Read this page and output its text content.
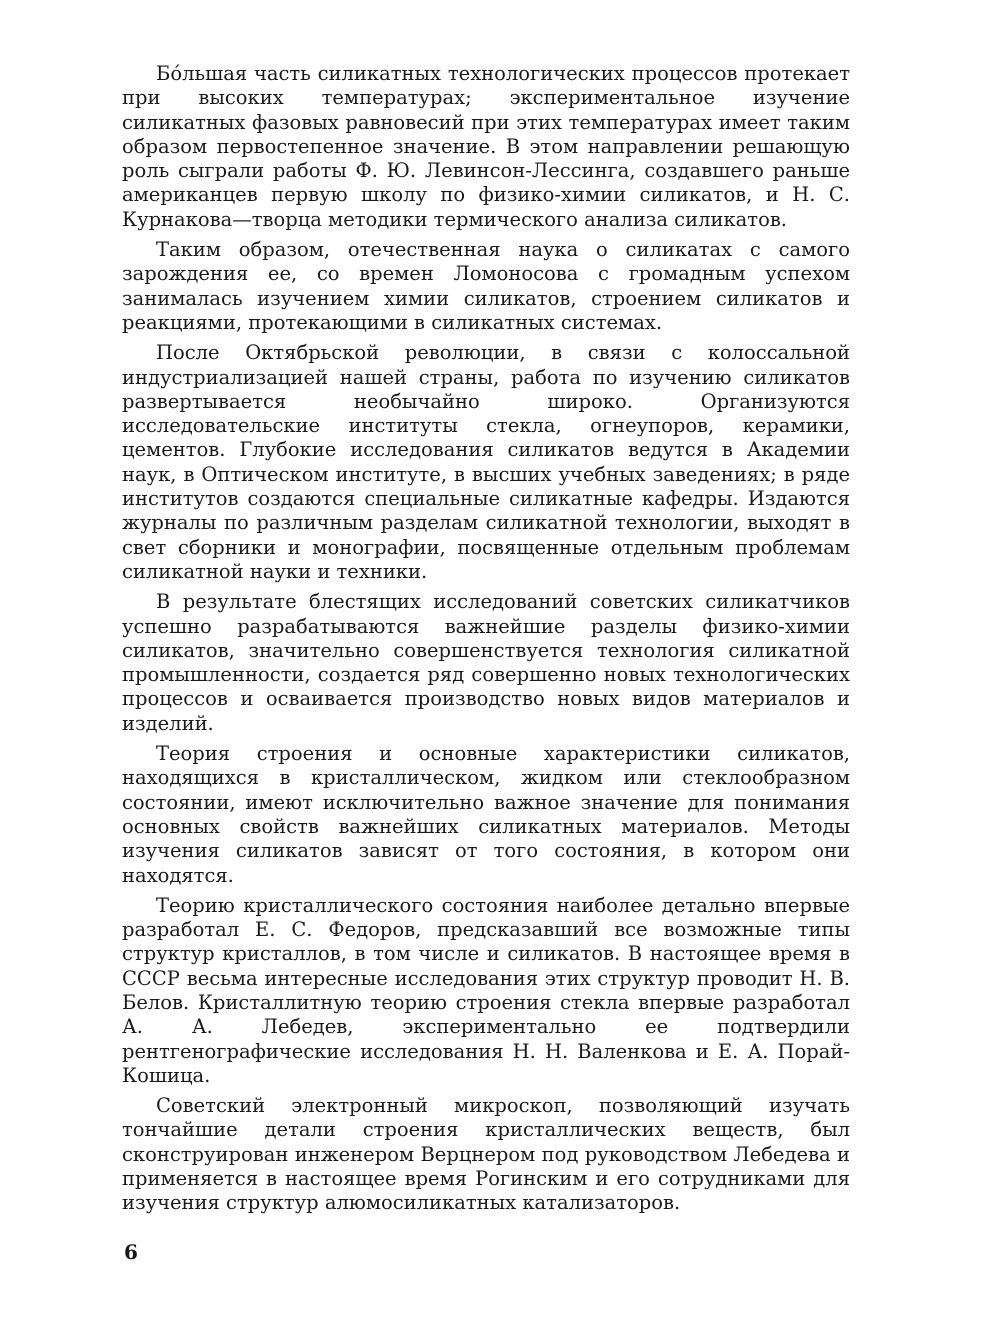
Бо́льшая часть силикатных технологических процессов протекает при высоких температурах; экспериментальное изучение силикатных фазовых равновесий при этих температурах имеет таким образом первостепенное значение. В этом направлении решающую роль сыграли работы Ф. Ю. Левинсон-Лессинга, создавшего раньше американцев первую школу по физико-химии силикатов, и Н. С. Курнакова—творца методики термического анализа силикатов.

Таким образом, отечественная наука о силикатах с самого зарождения ее, со времен Ломоносова с громадным успехом занималась изучением химии силикатов, строением силикатов и реакциями, протекающими в силикатных системах.

После Октябрьской революции, в связи с колоссальной индустриализацией нашей страны, работа по изучению силикатов развертывается необычайно широко. Организуются исследовательские институты стекла, огнеупоров, керамики, цементов. Глубокие исследования силикатов ведутся в Академии наук, в Оптическом институте, в высших учебных заведениях; в ряде институтов создаются специальные силикатные кафедры. Издаются журналы по различным разделам силикатной технологии, выходят в свет сборники и монографии, посвященные отдельным проблемам силикатной науки и техники.

В результате блестящих исследований советских силикатчиков успешно разрабатываются важнейшие разделы физико-химии силикатов, значительно совершенствуется технология силикатной промышленности, создается ряд совершенно новых технологических процессов и осваивается производство новых видов материалов и изделий.

Теория строения и основные характеристики силикатов, находящихся в кристаллическом, жидком или стеклообразном состоянии, имеют исключительно важное значение для понимания основных свойств важнейших силикатных материалов. Методы изучения силикатов зависят от того состояния, в котором они находятся.

Теорию кристаллического состояния наиболее детально впервые разработал Е. С. Федоров, предсказавший все возможные типы структур кристаллов, в том числе и силикатов. В настоящее время в СССР весьма интересные исследования этих структур проводит Н. В. Белов. Кристаллитную теорию строения стекла впервые разработал А. А. Лебедев, экспериментально ее подтвердили рентгенографические исследования Н. Н. Валенкова и Е. А. Порай-Кошица.

Советский электронный микроскоп, позволяющий изучать тончайшие детали строения кристаллических веществ, был сконструирован инженером Верцнером под руководством Лебедева и применяется в настоящее время Рогинским и его сотрудниками для изучения структур алюмосиликатных катализаторов.

6
